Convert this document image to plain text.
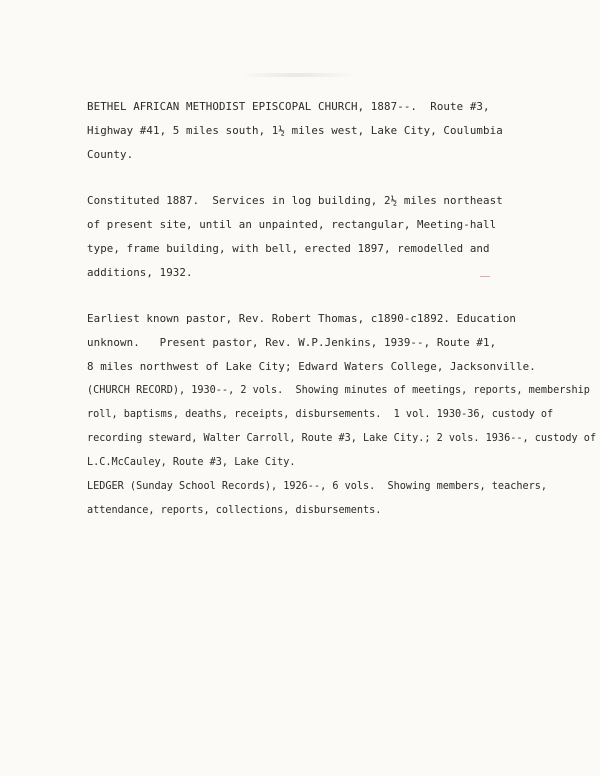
BETHEL AFRICAN METHODIST EPISCOPAL CHURCH, 1887--.  Route #3,
Highway #41, 5 miles south, 1½ miles west, Lake City, Coulumbia
County.
Constituted 1887.  Services in log building, 2½ miles northeast
of present site, until an unpainted, rectangular, Meeting-hall
type, frame building, with bell, erected 1897, remodelled and
additions, 1932.
Earliest known pastor, Rev. Robert Thomas, c1890-c1892. Education
unknown.   Present pastor, Rev. W.P.Jenkins, 1939--, Route #1,
8 miles northwest of Lake City; Edward Waters College, Jacksonville.
(CHURCH RECORD), 1930--, 2 vols.  Showing minutes of meetings, reports, membership
roll, baptisms, deaths, receipts, disbursements.  1 vol. 1930-36, custody of
recording steward, Walter Carroll, Route #3, Lake City.; 2 vols. 1936--, custody of
L.C.McCauley, Route #3, Lake City.
LEDGER (Sunday School Records), 1926--, 6 vols.  Showing members, teachers,
attendance, reports, collections, disbursements.
